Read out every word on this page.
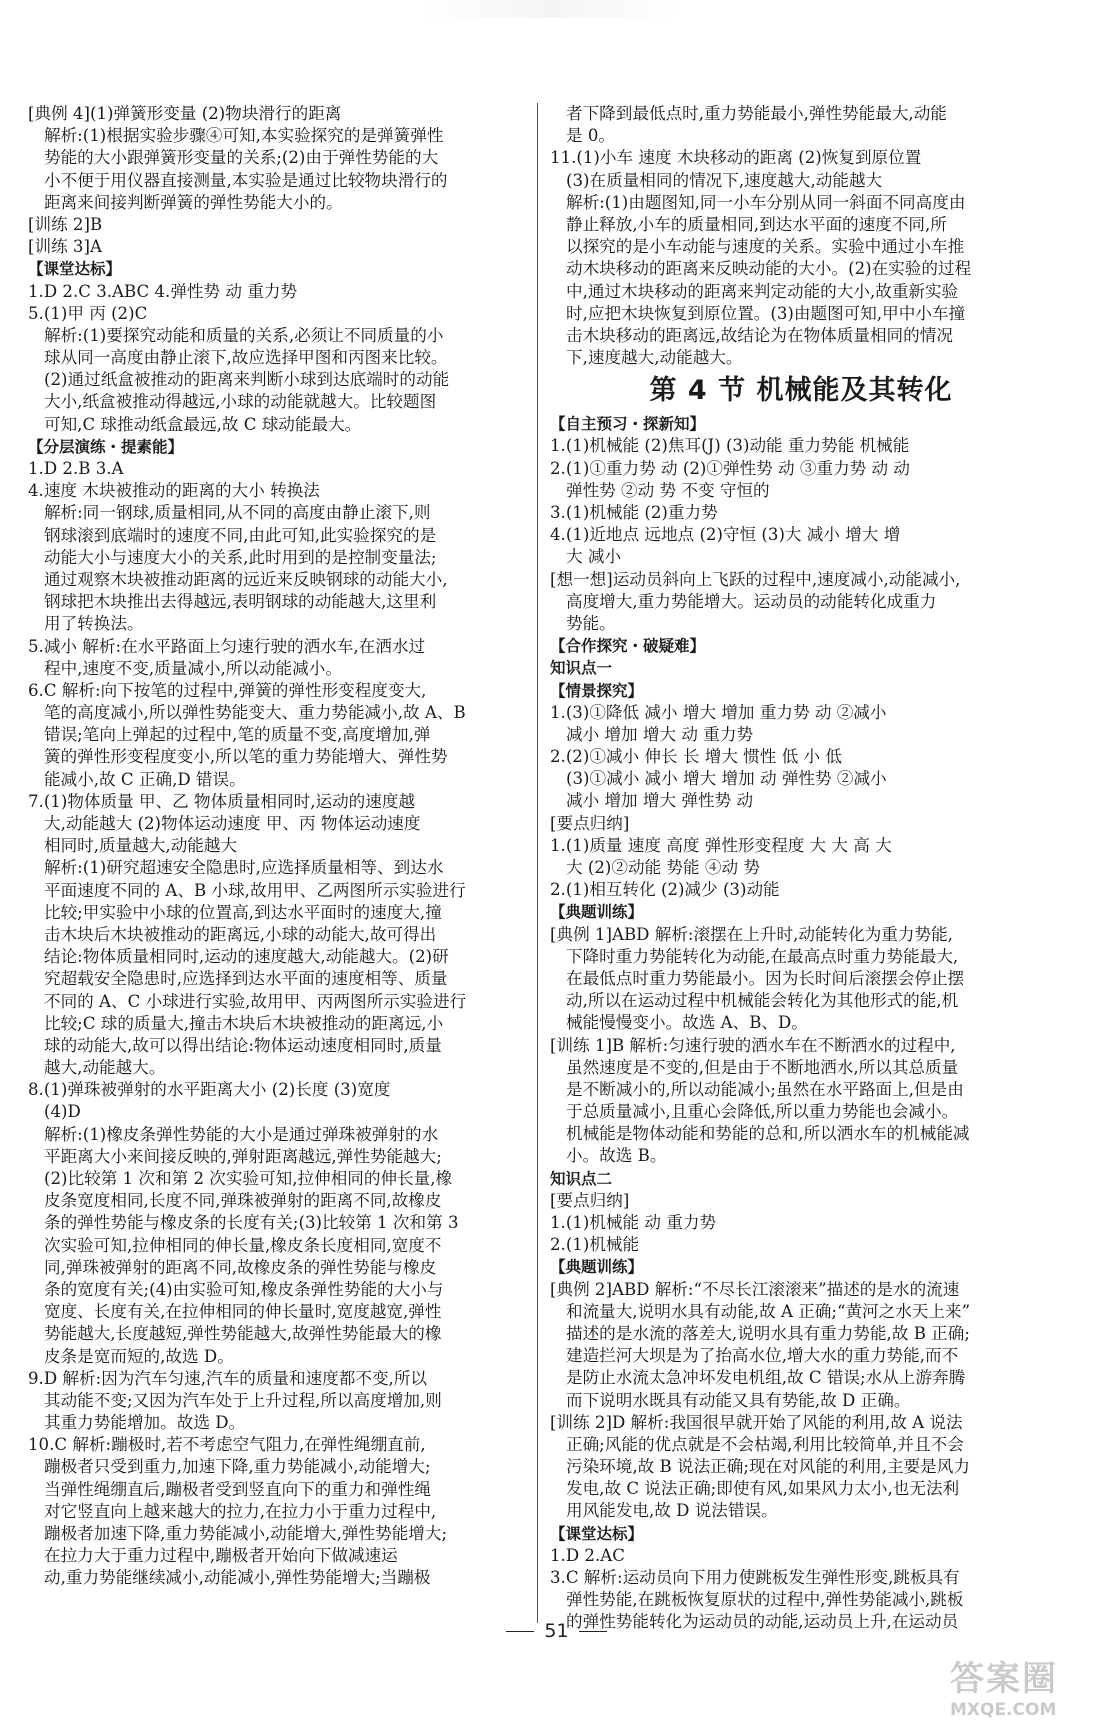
[典例 4](1)弹簧形变量 (2)物块滑行的距离
解析:(1)根据实验步骤④可知,本实验探究的是弹簧弹性
势能的大小跟弹簧形变量的关系;(2)由于弹性势能的大
小不便于用仪器直接测量,本实验是通过比较物块滑行的
距离来间接判断弹簧的弹性势能大小的。
[训练 2]B
[训练 3]A
【课堂达标】
1.D 2.C 3.ABC 4.弹性势 动 重力势
5.(1)甲 丙 (2)C
解析:(1)要探究动能和质量的关系,必须让不同质量的小
球从同一高度由静止滚下,故应选择甲图和丙图来比较。
(2)通过纸盒被推动的距离来判断小球到达底端时的动能
大小,纸盒被推动得越远,小球的动能就越大。比较题图
可知,C 球推动纸盒最远,故 C 球动能最大。
【分层演练・提素能】
1.D 2.B 3.A
4.速度 木块被推动的距离的大小 转换法
解析:同一钢球,质量相同,从不同的高度由静止滚下,则
钢球滚到底端时的速度不同,由此可知,此实验探究的是
动能大小与速度大小的关系,此时用到的是控制变量法;
通过观察木块被推动距离的远近来反映钢球的动能大小,
钢球把木块推出去得越远,表明钢球的动能越大,这里利
用了转换法。
5.减小 解析:在水平路面上匀速行驶的洒水车,在洒水过
程中,速度不变,质量减小,所以动能减小。
6.C 解析:向下按笔的过程中,弹簧的弹性形变程度变大,
笔的高度减小,所以弹性势能变大、重力势能减小,故 A、B
错误;笔向上弹起的过程中,笔的质量不变,高度增加,弹
簧的弹性形变程度变小,所以笔的重力势能增大、弹性势
能减小,故 C 正确,D 错误。
7.(1)物体质量 甲、乙 物体质量相同时,运动的速度越
大,动能越大 (2)物体运动速度 甲、丙 物体运动速度
相同时,质量越大,动能越大
解析:(1)研究超速安全隐患时,应选择质量相等、到达水
平面速度不同的 A、B 小球,故用甲、乙两图所示实验进行
比较;甲实验中小球的位置高,到达水平面时的速度大,撞
击木块后木块被推动的距离远,小球的动能大,故可得出
结论:物体质量相同时,运动的速度越大,动能越大。(2)研
究超载安全隐患时,应选择到达水平面的速度相等、质量
不同的 A、C 小球进行实验,故用甲、丙两图所示实验进行
比较;C 球的质量大,撞击木块后木块被推动的距离远,小
球的动能大,故可以得出结论:物体运动速度相同时,质量
越大,动能越大。
8.(1)弹珠被弹射的水平距离大小 (2)长度 (3)宽度
(4)D
解析:(1)橡皮条弹性势能的大小是通过弹珠被弹射的水
平距离大小来间接反映的,弹射距离越远,弹性势能越大;
(2)比较第 1 次和第 2 次实验可知,拉伸相同的伸长量,橡
皮条宽度相同,长度不同,弹珠被弹射的距离不同,故橡皮
条的弹性势能与橡皮条的长度有关;(3)比较第 1 次和第 3
次实验可知,拉伸相同的伸长量,橡皮条长度相同,宽度不
同,弹珠被弹射的距离不同,故橡皮条的弹性势能与橡皮
条的宽度有关;(4)由实验可知,橡皮条弹性势能的大小与
宽度、长度有关,在拉伸相同的伸长量时,宽度越宽,弹性
势能越大,长度越短,弹性势能越大,故弹性势能最大的橡
皮条是宽而短的,故选 D。
9.D 解析:因为汽车匀速,汽车的质量和速度都不变,所以
其动能不变;又因为汽车处于上升过程,所以高度增加,则
其重力势能增加。故选 D。
10.C 解析:蹦极时,若不考虑空气阻力,在弹性绳绷直前,
蹦极者只受到重力,加速下降,重力势能减小,动能增大;
当弹性绳绷直后,蹦极者受到竖直向下的重力和弹性绳
对它竖直向上越来越大的拉力,在拉力小于重力过程中,
蹦极者加速下降,重力势能减小,动能增大,弹性势能增大;
在拉力大于重力过程中,蹦极者开始向下做减速运
动,重力势能继续减小,动能减小,弹性势能增大;当蹦极
者下降到最低点时,重力势能最小,弹性势能最大,动能
是 0。
11.(1)小车 速度 木块移动的距离 (2)恢复到原位置
(3)在质量相同的情况下,速度越大,动能越大
解析:(1)由题图知,同一小车分别从同一斜面不同高度由
静止释放,小车的质量相同,到达水平面的速度不同,所
以探究的是小车动能与速度的关系。实验中通过小车推
动木块移动的距离来反映动能的大小。(2)在实验的过程
中,通过木块移动的距离来判定动能的大小,故重新实验
时,应把木块恢复到原位置。(3)由题图可知,甲中小车撞
击木块移动的距离远,故结论为在物体质量相同的情况
下,速度越大,动能越大。
第 4 节 机械能及其转化
【自主预习・探新知】
1.(1)机械能 (2)焦耳(J) (3)动能 重力势能 机械能
2.(1)①重力势 动 (2)①弹性势 动 ③重力势 动 动
弹性势 ②动 势 不变 守恒的
3.(1)机械能 (2)重力势
4.(1)近地点 远地点 (2)守恒 (3)大 减小 增大 增
大 减小
[想一想]运动员斜向上飞跃的过程中,速度减小,动能减小,
高度增大,重力势能增大。运动员的动能转化成重力
势能。
【合作探究・破疑难】
知识点一
【情景探究】
1.(3)①降低 减小 增大 增加 重力势 动 ②减小
减小 增加 增大 动 重力势
2.(2)①减小 伸长 长 增大 惯性 低 小 低
(3)①减小 减小 增大 增加 动 弹性势 ②减小
减小 增加 增大 弹性势 动
[要点归纳]
1.(1)质量 速度 高度 弹性形变程度 大 大 高 大
大 (2)②动能 势能 ④动 势
2.(1)相互转化 (2)减少 (3)动能
【典题训练】
[典例 1]ABD 解析:滚摆在上升时,动能转化为重力势能,
下降时重力势能转化为动能,在最高点时重力势能最大,
在最低点时重力势能最小。因为长时间后滚摆会停止摆
动,所以在运动过程中机械能会转化为其他形式的能,机
械能慢慢变小。故选 A、B、D。
[训练 1]B 解析:匀速行驶的洒水车在不断洒水的过程中,
虽然速度是不变的,但是由于不断地洒水,所以其总质量
是不断减小的,所以动能减小;虽然在水平路面上,但是由
于总质量减小,且重心会降低,所以重力势能也会减小。
机械能是物体动能和势能的总和,所以洒水车的机械能减
小。故选 B。
知识点二
[要点归纳]
1.(1)机械能 动 重力势
2.(1)机械能
【典题训练】
[典例 2]ABD 解析:“不尽长江滚滚来”描述的是水的流速
和流量大,说明水具有动能,故 A 正确;“黄河之水天上来”
描述的是水流的落差大,说明水具有重力势能,故 B 正确;
建造拦河大坝是为了抬高水位,增大水的重力势能,而不
是防止水流太急冲坏发电机组,故 C 错误;水从上游奔腾
而下说明水既具有动能又具有势能,故 D 正确。
[训练 2]D 解析:我国很早就开始了风能的利用,故 A 说法
正确;风能的优点就是不会枯竭,利用比较简单,并且不会
污染环境,故 B 说法正确;现在对风能的利用,主要是风力
发电,故 C 说法正确;即使有风,如果风力太小,也无法利
用风能发电,故 D 说法错误。
【课堂达标】
1.D 2.AC
3.C 解析:运动员向下用力使跳板发生弹性形变,跳板具有
弹性势能,在跳板恢复原状的过程中,弹性势能减小,跳板
的弹性势能转化为运动员的动能,运动员上升,在运动员
51
答案圈
MXQE.COM
